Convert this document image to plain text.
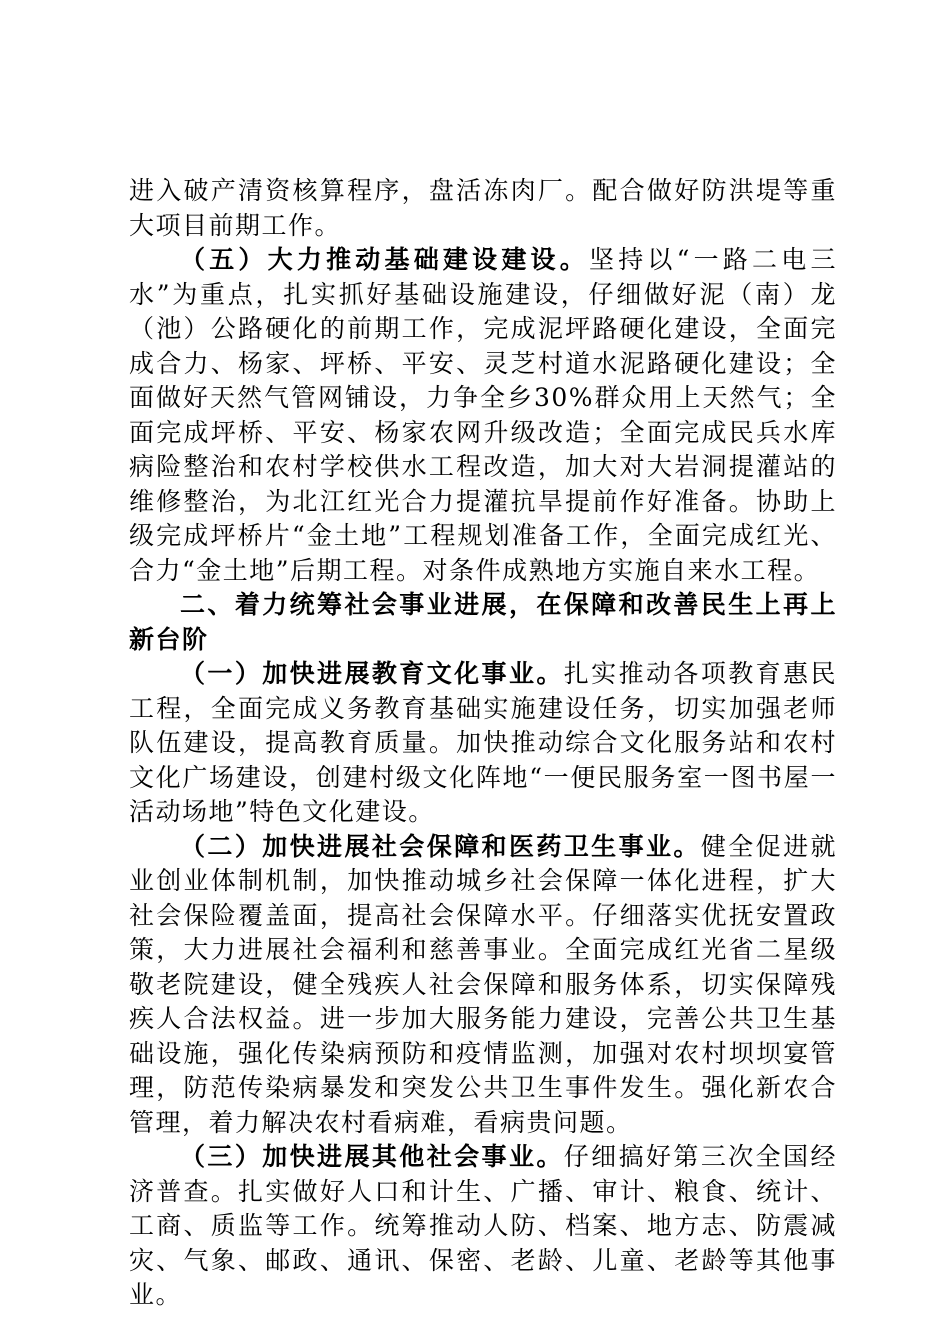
进入破产清资核算程序，盘活冻肉厂。配合做好防洪堤等重大项目前期工作。

（五）大力推动基础建设建设。坚持以“一路二电三水”为重点，扎实抓好基础设施建设，仔细做好泥（南）龙（池）公路硬化的前期工作，完成泥坪路硬化建设，全面完成合力、杨家、坪桥、平安、灵芝村道水泥路硬化建设；全面做好天然气管网铺设，力争全乡30%群众用上天然气；全面完成坪桥、平安、杨家农网升级改造；全面完成民兵水库病险整治和农村学校供水工程改造，加大对大岩洞提灌站的维修整治，为北江红光合力提灌抗旱提前作好准备。协助上级完成坪桥片“金土地”工程规划准备工作，全面完成红光、合力“金土地”后期工程。对条件成熟地方实施自来水工程。

二、着力统筹社会事业进展，在保障和改善民生上再上新台阶

（一）加快进展教育文化事业。扎实推动各项教育惠民工程，全面完成义务教育基础实施建设任务，切实加强老师队伍建设，提高教育质量。加快推动综合文化服务站和农村文化广场建设，创建村级文化阵地“一便民服务室一图书屋一活动场地”特色文化建设。

（二）加快进展社会保障和医药卫生事业。健全促进就业创业体制机制，加快推动城乡社会保障一体化进程，扩大社会保险覆盖面，提高社会保障水平。仔细落实优抚安置政策，大力进展社会福利和慈善事业。全面完成红光省二星级敬老院建设，健全残疾人社会保障和服务体系，切实保障残疾人合法权益。进一步加大服务能力建设，完善公共卫生基础设施，强化传染病预防和疫情监测，加强对农村坝坝宴管理，防范传染病暴发和突发公共卫生事件发生。强化新农合管理，着力解决农村看病难，看病贵问题。

（三）加快进展其他社会事业。仔细搞好第三次全国经济普查。扎实做好人口和计生、广播、审计、粮食、统计、工商、质监等工作。统筹推动人防、档案、地方志、防震减灾、气象、邮政、通讯、保密、老龄、儿童、老龄等其他事业。
